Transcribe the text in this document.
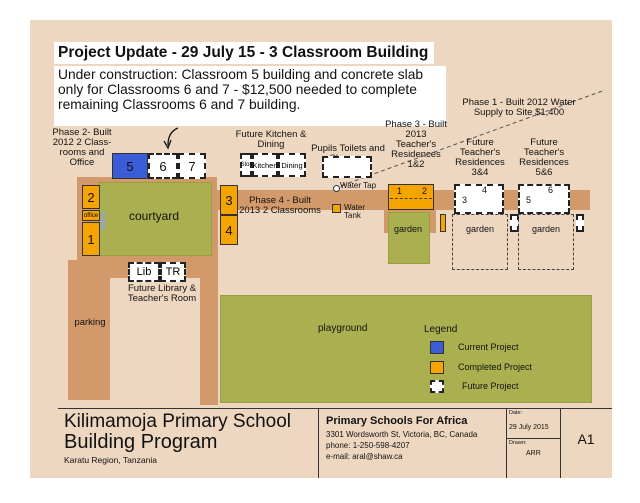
Project Update - 29 July 15 - 3 Classroom Building
Under construction: Classroom 5 building and concrete slab only for Classrooms 6 and 7 - $12,500 needed to complete remaining Classrooms 6 and 7 building.
courtyard
Phase 2- Built 2012 2 Class- rooms and Office
2
office
1
5 6 7
3
4
Phase 4 - Built 2013 2 Classrooms
Future Kitchen & Dining
Stor Kitchen Dining
Pupils Toilets and
Water Tap
Water Tank
Phase 3 - Built 2013 Teacher's Residences 1&2
1 2
garden
Phase 1 - Built 2012 Water Supply to Site $1,400
Future Teacher's Residences 3&4
3
4
garden
Future Teacher's Residences 5&6
5
6
garden
Lib TR
Future Library & Teacher's Room
parking
playground	Legend
Current Project
Completed Project
Future Project
Kilimamoja Primary School
Building Program
Karatu Region, Tanzania
Primary Schools For Africa
3301 Wordsworth St, Victoria, BC, Canada
phone: 1-250-598-4207
e-mail: aral@shaw.ca
Date:
29 July 2015
Drawn:
ARR
A1
